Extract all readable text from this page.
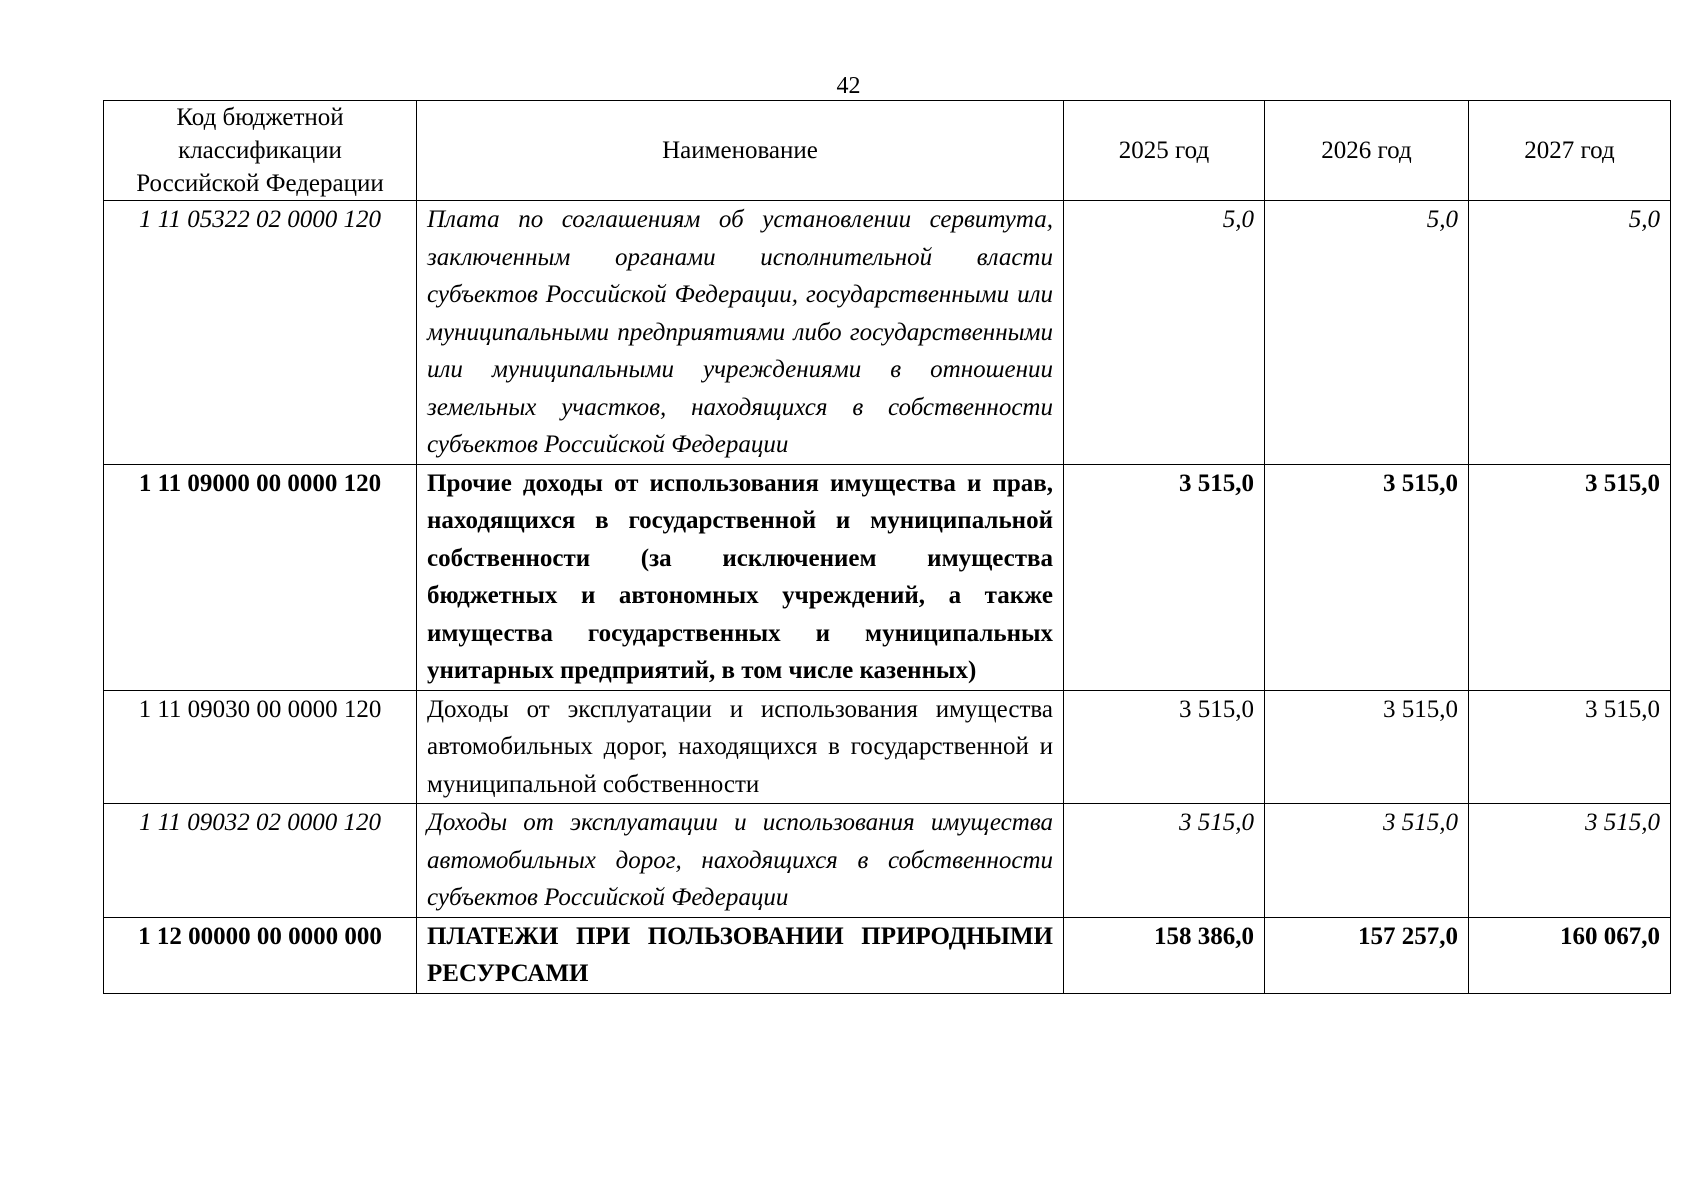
42
Код бюджетной классификации Российской Федерации	Наименование	2025 год	2026 год	2027 год
1 11 05322 02 0000 120	Плата по соглашениям об установлении сервитута, заключенным органами исполнительной власти субъектов Российской Федерации, государственными или муниципальными предприятиями либо государственными или муниципальными учреждениями в отношении земельных участков, находящихся в собственности субъектов Российской Федерации	5,0	5,0	5,0
1 11 09000 00 0000 120	Прочие доходы от использования имущества и прав, находящихся в государственной и муниципальной собственности (за исключением имущества бюджетных и автономных учреждений, а также имущества государственных и муниципальных унитарных предприятий, в том числе казенных)	3 515,0	3 515,0	3 515,0
1 11 09030 00 0000 120	Доходы от эксплуатации и использования имущества автомобильных дорог, находящихся в государственной и муниципальной собственности	3 515,0	3 515,0	3 515,0
1 11 09032 02 0000 120	Доходы от эксплуатации и использования имущества автомобильных дорог, находящихся в собственности субъектов Российской Федерации	3 515,0	3 515,0	3 515,0
1 12 00000 00 0000 000	ПЛАТЕЖИ ПРИ ПОЛЬЗОВАНИИ ПРИРОДНЫМИ РЕСУРСАМИ	158 386,0	157 257,0	160 067,0
